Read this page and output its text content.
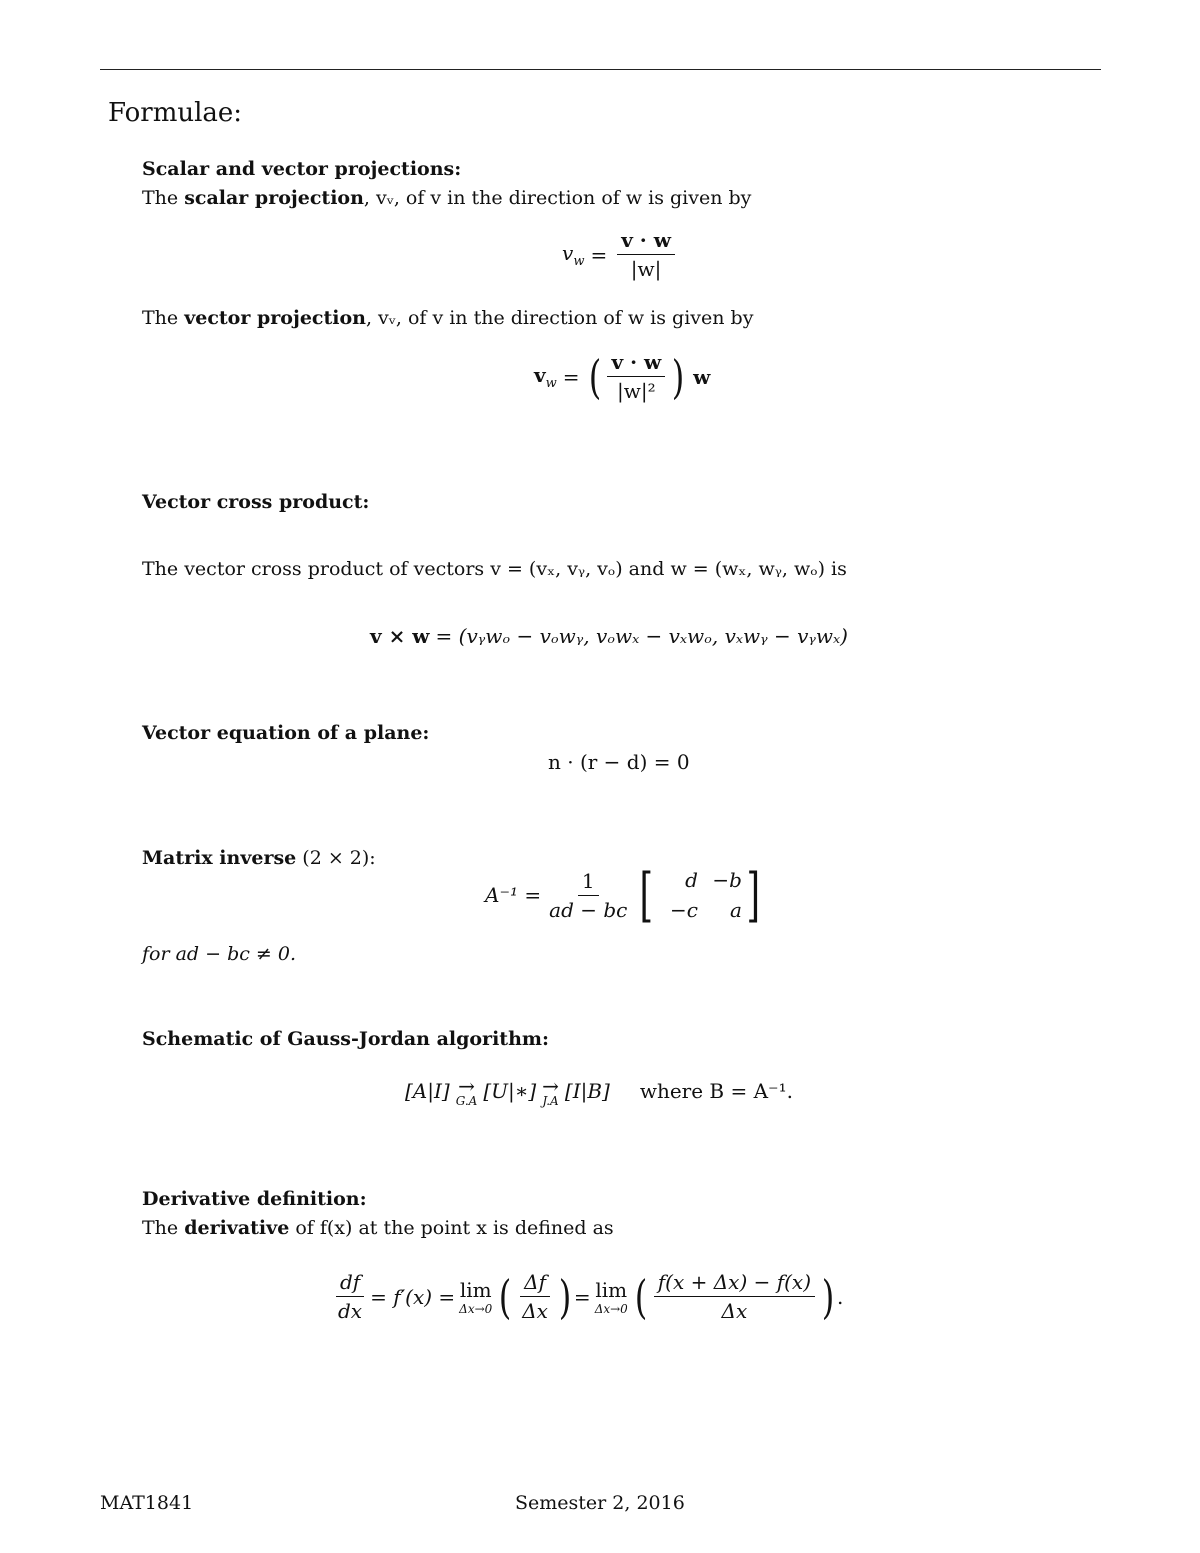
Formulae:
Scalar and vector projections:
The scalar projection, vᵥ, of v in the direction of w is given by
$v_w = \frac{v \cdot w}{|w|}$
The vector projection, vᵥ, of v in the direction of w is given by
$v_w$ = ( $\frac{v \cdot w}{\text{|w|²}}$ ) w
Vector cross product:
The vector cross product of vectors v = (vₓ, vᵧ, vₒ) and w = (wₓ, wᵧ, wₒ) is
v × w = (vᵧwₒ − vₒwᵧ, vₒwₓ − vₓwₒ, vₓwᵧ − vᵧwₓ)
Vector equation of a plane:
n · (r − d) = 0
Matrix inverse (2 × 2):
$A^{-1} = \frac{1}{ad - bc}$ [	d −b
−c	a ]
for ad − bc ≠ 0.
Schematic of Gauss-Jordan algorithm:
[A|I] →
G.A [U|∗] →
J.A [I|B] where B = A⁻¹.
Derivative definition:
The derivative of f(x) at the point x is defined as
$\frac{df}{dx} = f'(x) = \lim$
Δx→0 ( $\frac{\Delta f}{\Delta x}$ ) = lim
Δx→0 ( $\frac{f(x + \Delta x) - f(x)}{\Delta x}$ ) .
MAT1841	Semester 2, 2016
